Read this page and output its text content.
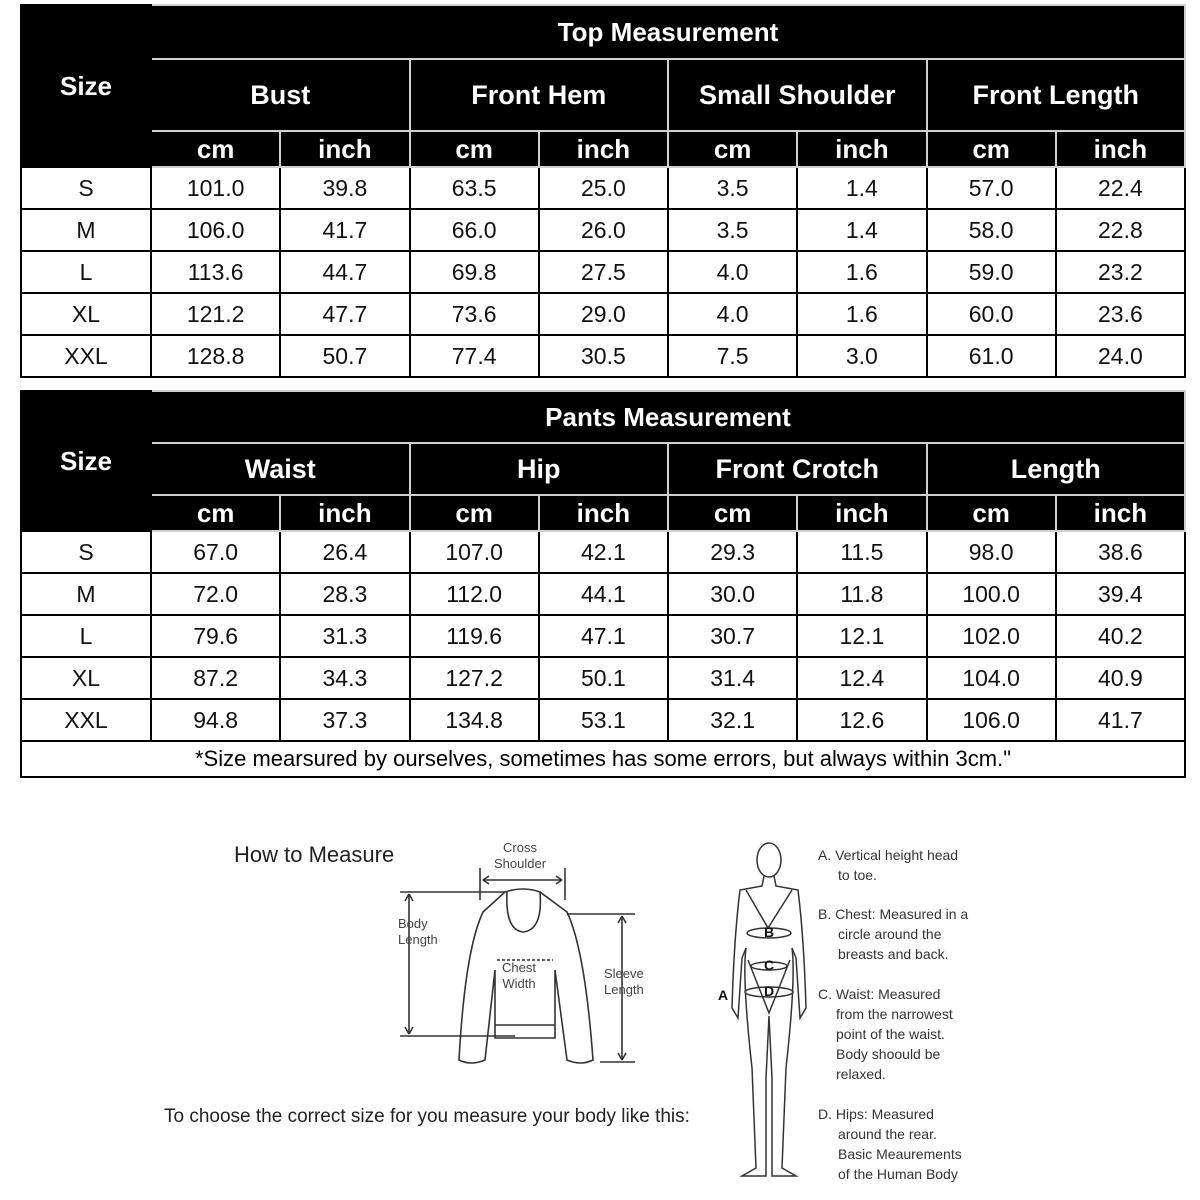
Size	Top Measurement							
	Bust		Front Hem		Small Shoulder		Front Length	
	cm	inch	cm	inch	cm	inch	cm	inch
S	101.0	39.8	63.5	25.0	3.5	1.4	57.0	22.4
M	106.0	41.7	66.0	26.0	3.5	1.4	58.0	22.8
L	113.6	44.7	69.8	27.5	4.0	1.6	59.0	23.2
XL	121.2	47.7	73.6	29.0	4.0	1.6	60.0	23.6
XXL	128.8	50.7	77.4	30.5	7.5	3.0	61.0	24.0
Size	Pants Measurement							
	Waist		Hip		Front Crotch		Length	
	cm	inch	cm	inch	cm	inch	cm	inch
S	67.0	26.4	107.0	42.1	29.3	11.5	98.0	38.6
M	72.0	28.3	112.0	44.1	30.0	11.8	100.0	39.4
L	79.6	31.3	119.6	47.1	30.7	12.1	102.0	40.2
XL	87.2	34.3	127.2	50.1	31.4	12.4	104.0	40.9
XXL	94.8	37.3	134.8	53.1	32.1	12.6	106.0	41.7
*Size mearsured by ourselves, sometimes has some errors, but always within 3cm."								
How to Measure
To choose the correct size for you measure your body like this:
Cross
Shoulder
Body
Length
Chest
Width
Sleeve
Length
B
C
D
A

A. Vertical height head

to toe.

B. Chest: Measured in a

circle around the

breasts and back.

C. Waist: Measured

from the narrowest

point of the waist.

Body shoould be

relaxed.

D. Hips: Measured

around the rear.

Basic Meaurements

of the Human Body
